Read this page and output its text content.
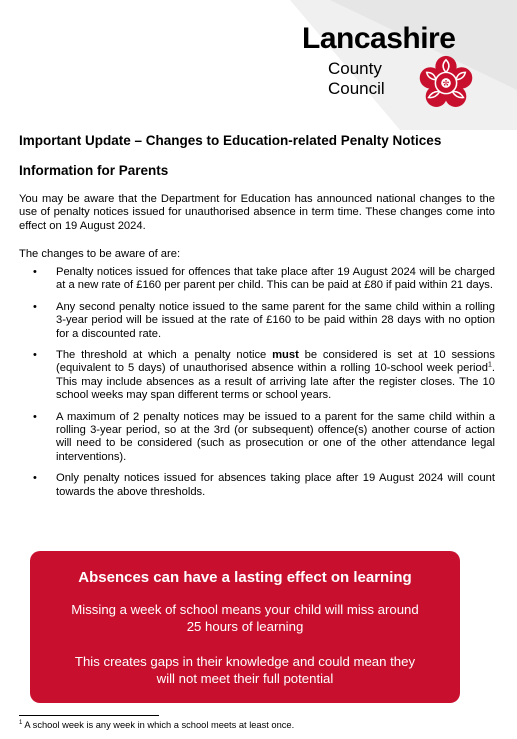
Lancashire
County
Council
Important Update – Changes to Education-related Penalty Notices
Information for Parents

You may be aware that the Department for Education has announced national changes to the use of penalty notices issued for unauthorised absence in term time. These changes come into effect on 19 August 2024.

The changes to be aware of are:

• Penalty notices issued for offences that take place after 19 August 2024 will be charged at a new rate of £160 per parent per child. This can be paid at £80 if paid within 21 days.
• Any second penalty notice issued to the same parent for the same child within a rolling 3-year period will be issued at the rate of £160 to be paid within 28 days with no option for a discounted rate.
• The threshold at which a penalty notice must be considered is set at 10 sessions (equivalent to 5 days) of unauthorised absence within a rolling 10-school week period$^1$. This may include absences as a result of arriving late after the register closes. The 10 school weeks may span different terms or school years.
• A maximum of 2 penalty notices may be issued to a parent for the same child within a rolling 3-year period, so at the 3rd (or subsequent) offence(s) another course of action will need to be considered (such as prosecution or one of the other attendance legal interventions).
• Only penalty notices issued for absences taking place after 19 August 2024 will count towards the above thresholds.
Absences can have a lasting effect on learning
Missing a week of school means your child will miss around 25 hours of learning
This creates gaps in their knowledge and could mean they will not meet their full potential
$^1$ A school week is any week in which a school meets at least once.
